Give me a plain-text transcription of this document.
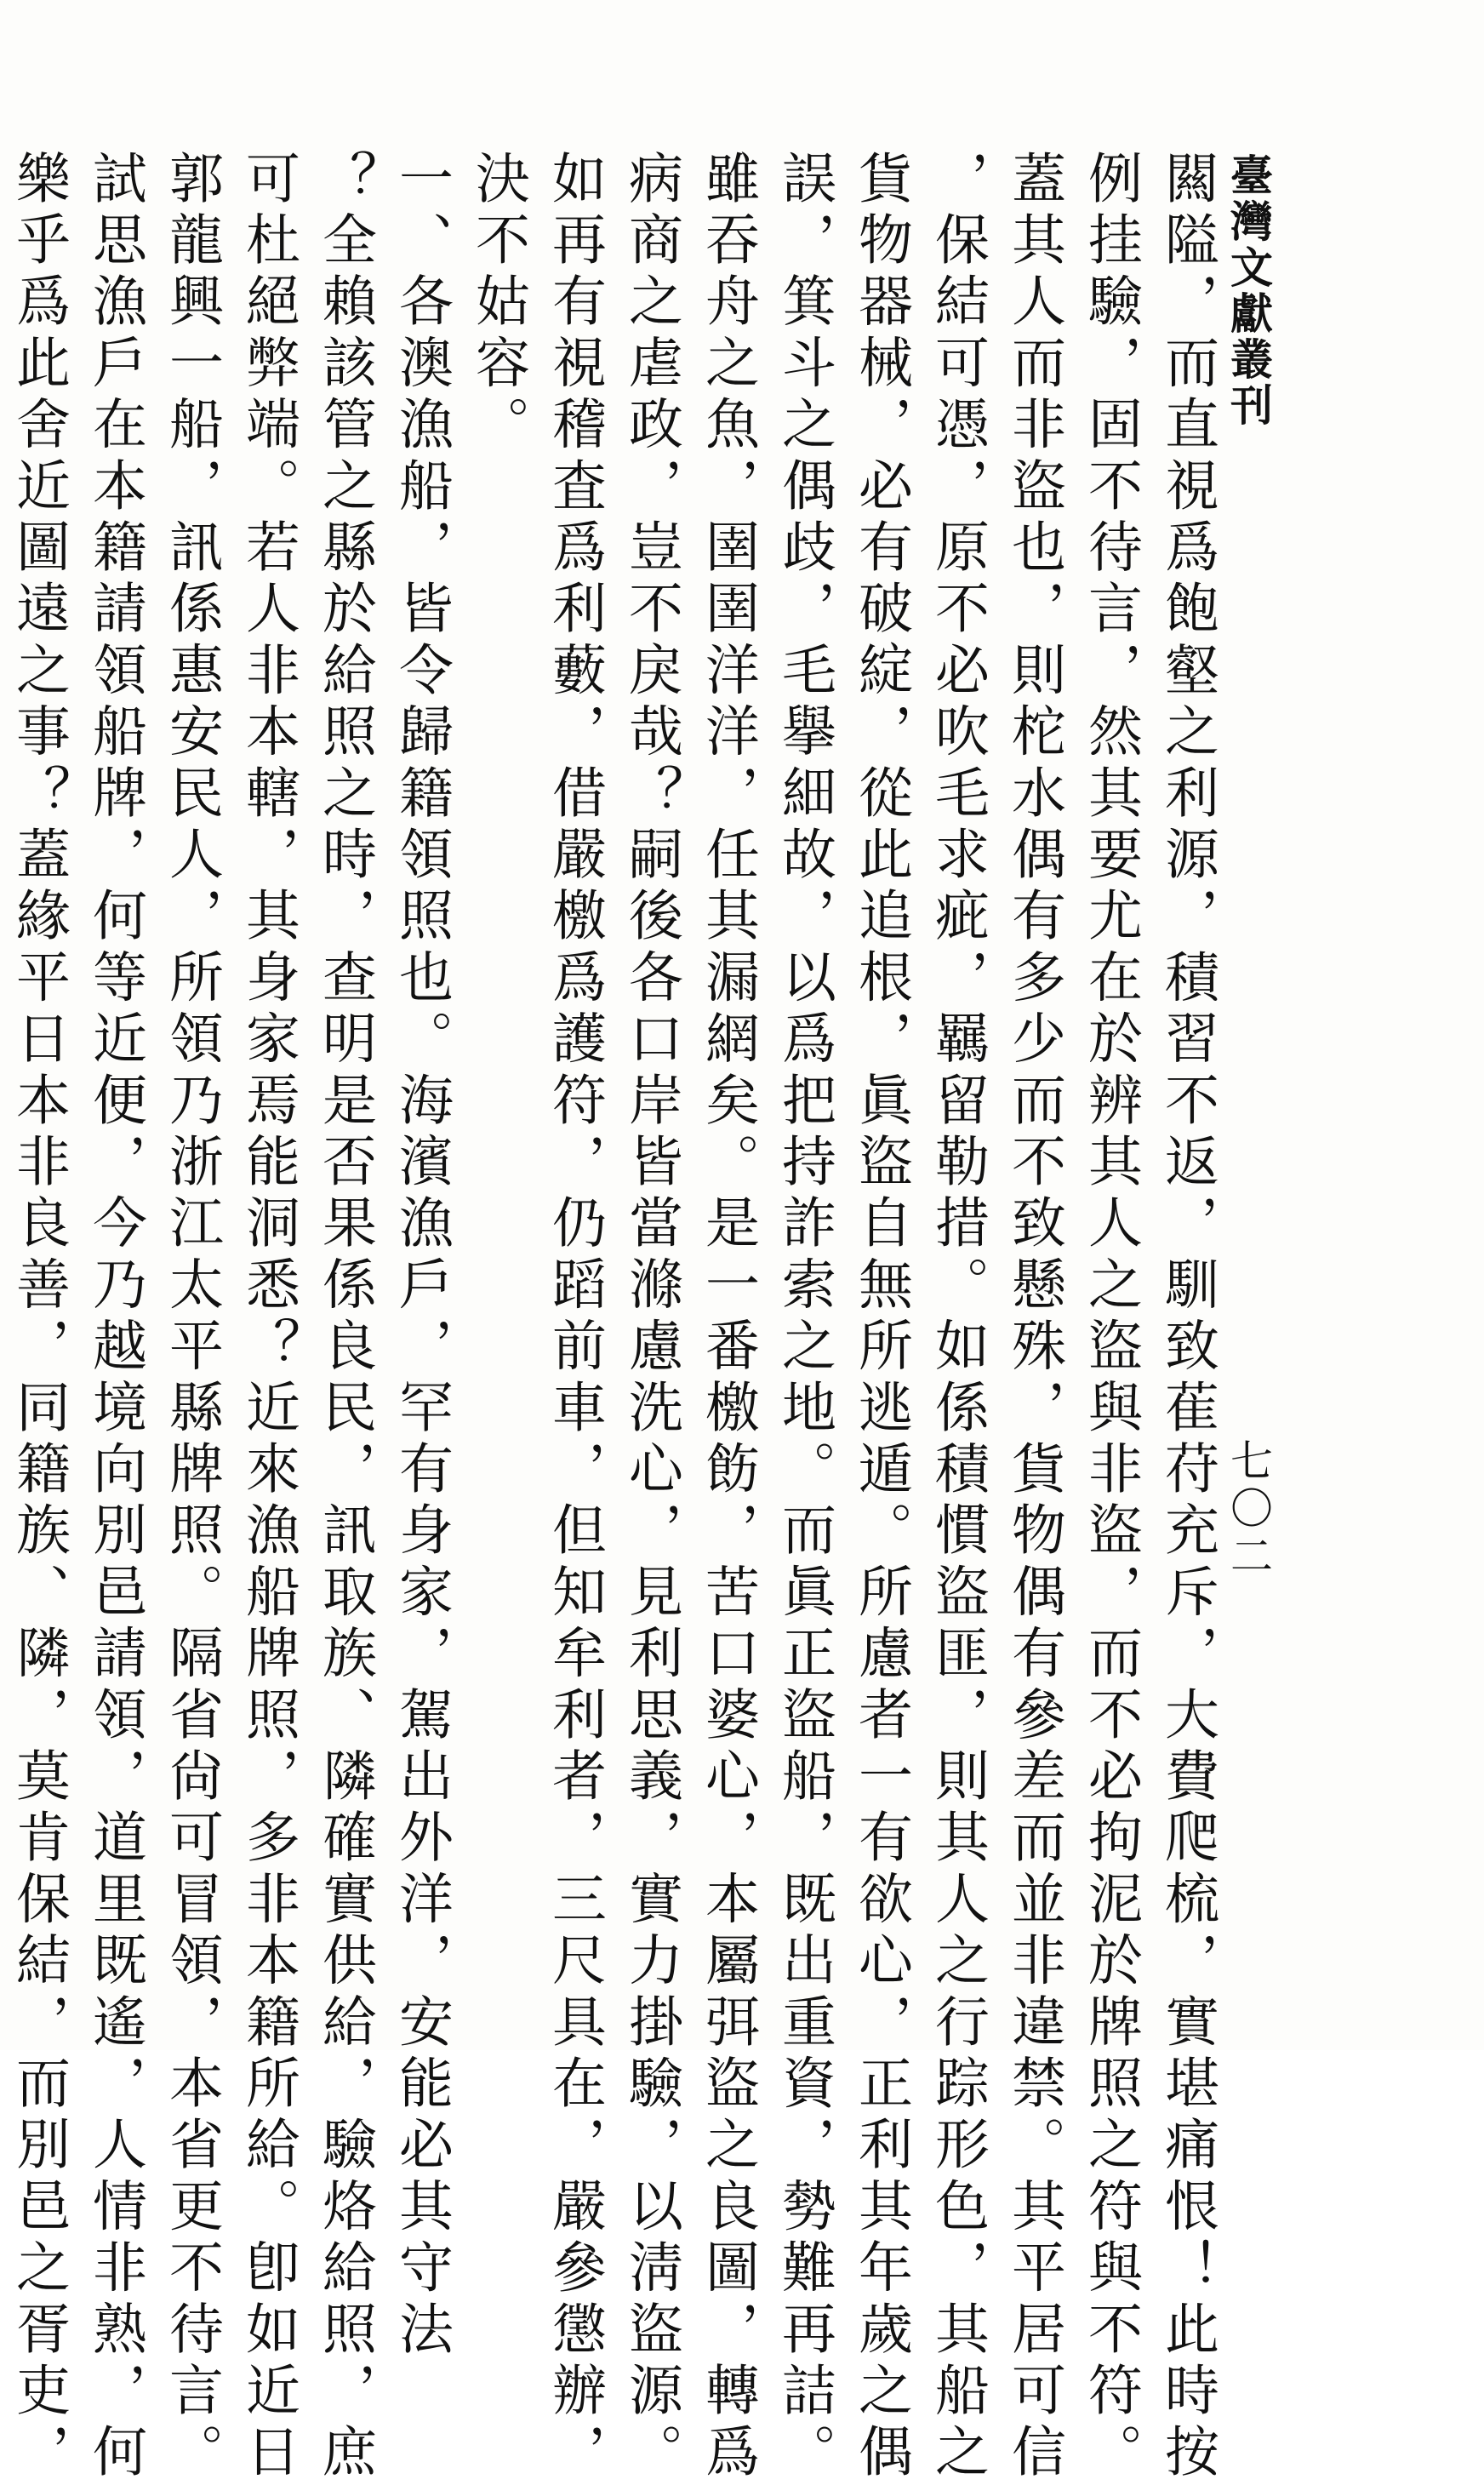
臺灣文獻叢刊
七〇二
闗隘，而直視爲飽壑之利源，積習不返，馴致萑苻充斥，大費爬梳，實堪痛恨！此時按
例挂驗，固不待言，然其要尤在於辨其人之盜與非盜，而不必拘泥於牌照之符與不符。
蓋其人而非盜也，則柁水偶有多少而不致懸殊，貨物偶有參差而並非違禁。其平居可信
，保結可憑，原不必吹毛求疵，羈留勒措。如係積慣盜匪，則其人之行踪形色，其船之
貨物器械，必有破綻，從此追根，眞盜自無所逃遁。所慮者一有欲心，正利其年歲之偶
誤，箕斗之偶歧，毛擧細故，以爲把持詐索之地。而眞正盜船，既出重資，勢難再詰。
雖吞舟之魚，圉圉洋洋，任其漏網矣。是一番檄飭，苦口婆心，本屬弭盜之良圖，轉爲
病商之虐政，豈不戾哉？嗣後各口岸皆當滌慮洗心，見利思義，實力掛驗，以淸盜源。
如再有視稽査爲利藪，借嚴檄爲護符，仍蹈前車，但知牟利者，三尺具在，嚴參懲辦，
決不姑容。
一、各澳漁船，皆令歸籍領照也。海濱漁戶，罕有身家，駕出外洋，安能必其守法
？全賴該管之縣於給照之時，查明是否果係良民，訊取族、隣確實供給，驗烙給照，庶
可杜絕弊端。若人非本轄，其身家焉能洞悉？近來漁船牌照，多非本籍所給。卽如近日
郭龍興一船，訊係惠安民人，所領乃浙江太平縣牌照。隔省尙可冒領，本省更不待言。
試思漁戶在本籍請領船牌，何等近便，今乃越境向別邑請領，道里既遙，人情非熟，何
樂乎爲此舍近圖遠之事？蓋緣平日本非良善，同籍族、隣，莫肯保結，而別邑之胥吏，
